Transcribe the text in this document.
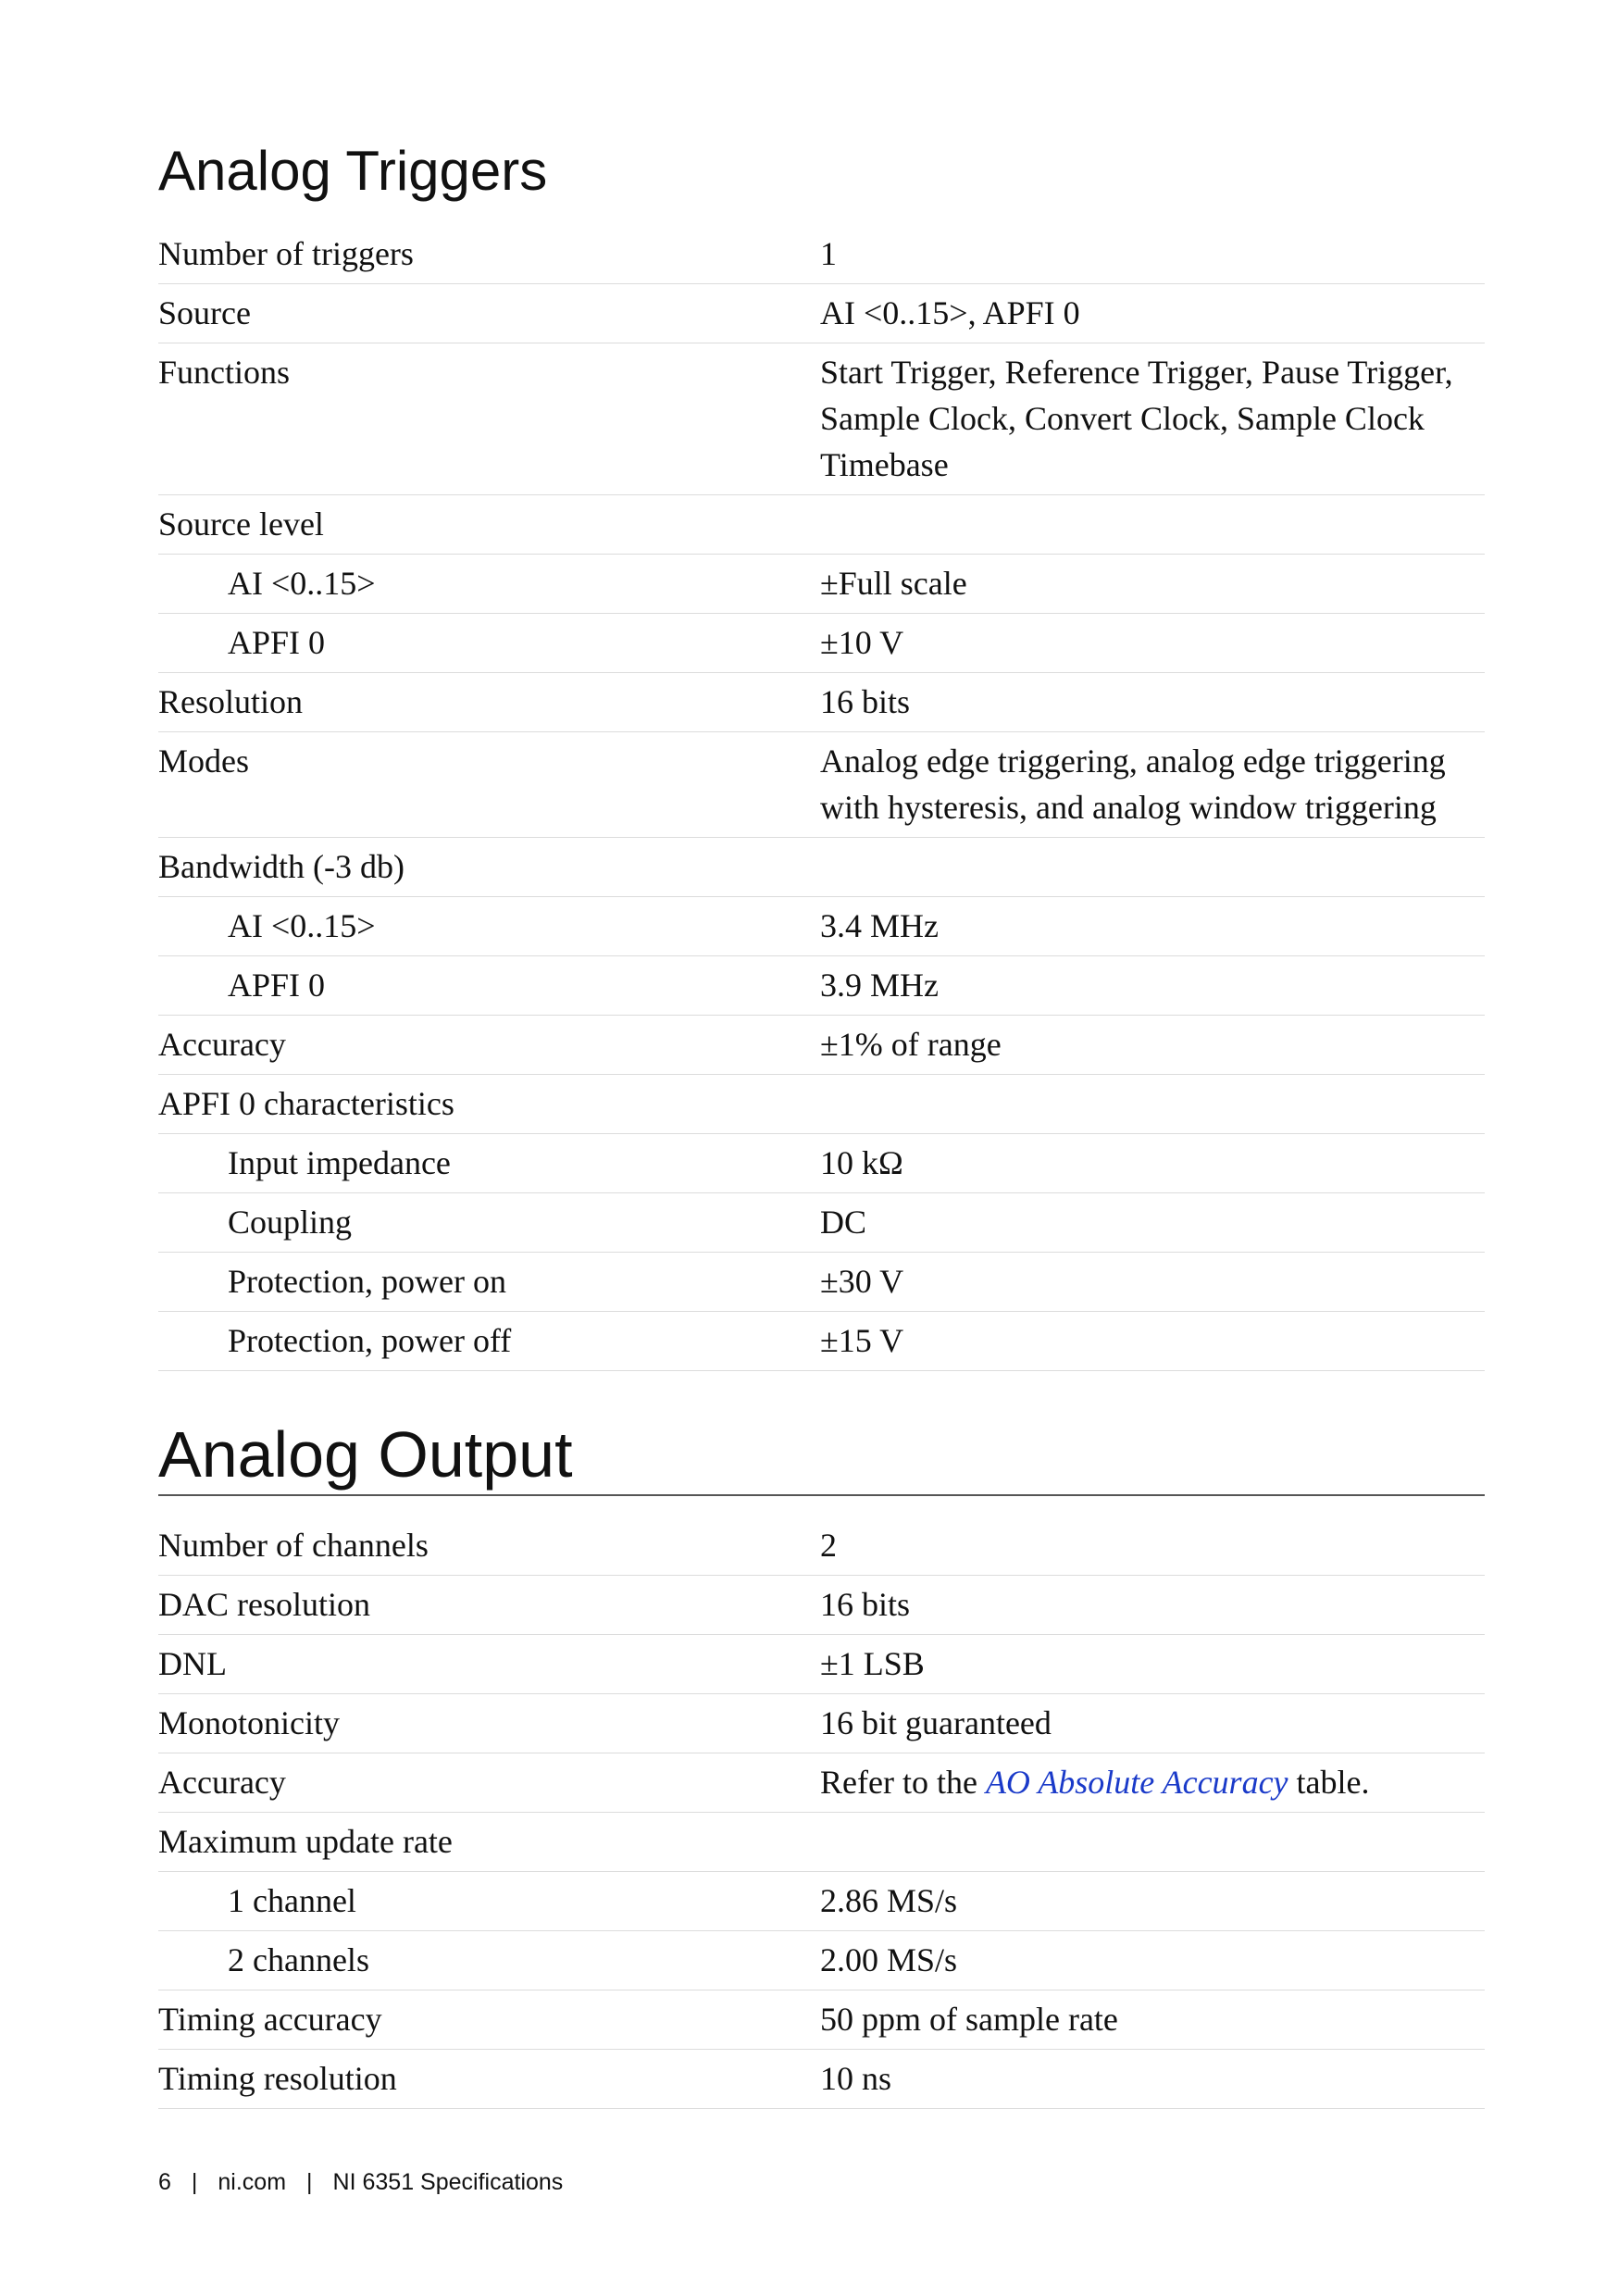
Analog Triggers
Number of triggers	1
Source	AI <0..15>, APFI 0
Functions	Start Trigger, Reference Trigger, Pause Trigger, Sample Clock, Convert Clock, Sample Clock Timebase
Source level
AI <0..15>	±Full scale
APFI 0	±10 V
Resolution	16 bits
Modes	Analog edge triggering, analog edge triggering with hysteresis, and analog window triggering
Bandwidth (-3 db)
AI <0..15>	3.4 MHz
APFI 0	3.9 MHz
Accuracy	±1% of range
APFI 0 characteristics
Input impedance	10 kΩ
Coupling	DC
Protection, power on	±30 V
Protection, power off	±15 V
Analog Output
Number of channels	2
DAC resolution	16 bits
DNL	±1 LSB
Monotonicity	16 bit guaranteed
Accuracy	Refer to the AO Absolute Accuracy table.
Maximum update rate
1 channel	2.86 MS/s
2 channels	2.00 MS/s
Timing accuracy	50 ppm of sample rate
Timing resolution	10 ns
6 | ni.com | NI 6351 Specifications
